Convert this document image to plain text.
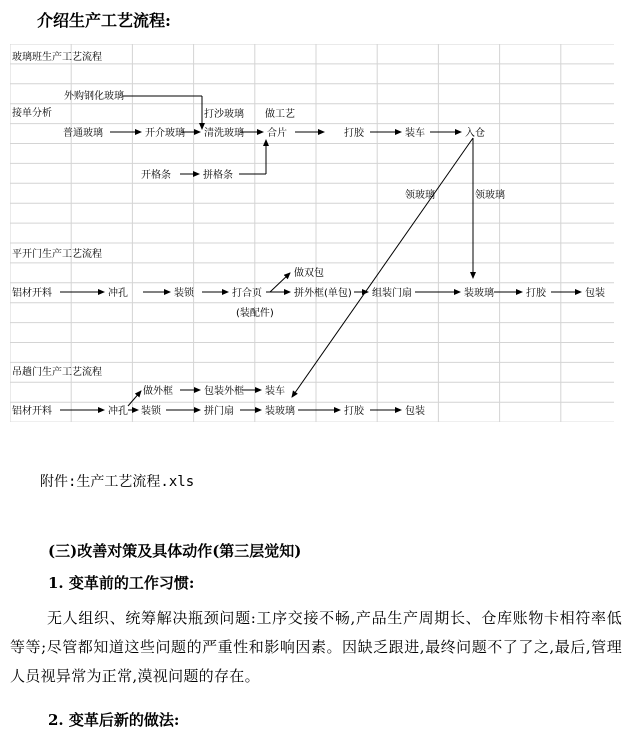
介绍生产工艺流程:
玻璃班生产工艺流程
接单分析
外购钢化玻璃
普通玻璃	开介玻璃 清洗玻璃
打沙玻璃 做工艺
合片	打胶	装车	入仓
开格条	拼格条
领玻璃	领玻璃
平开门生产工艺流程
铝材开料	冲孔	装锁	打合页
(装配件)
做双包
拼外框(单包) 组装门扇	装玻璃	打胶	包装
吊趟门生产工艺流程
做外框	包装外框 装车
铝材开料	冲孔 装锁	拼门扇	装玻璃	打胶	包装
附件:生产工艺流程.xls
(三)改善对策及具体动作(第三层觉知)
1. 变革前的工作习惯:
无人组织、统筹解决瓶颈问题:工序交接不畅,产品生产周期长、仓库账物卡相符率低等等;尽管都知道这些问题的严重性和影响因素。因缺乏跟进,最终问题不了了之,最后,管理人员视异常为正常,漠视问题的存在。
2. 变革后新的做法:
